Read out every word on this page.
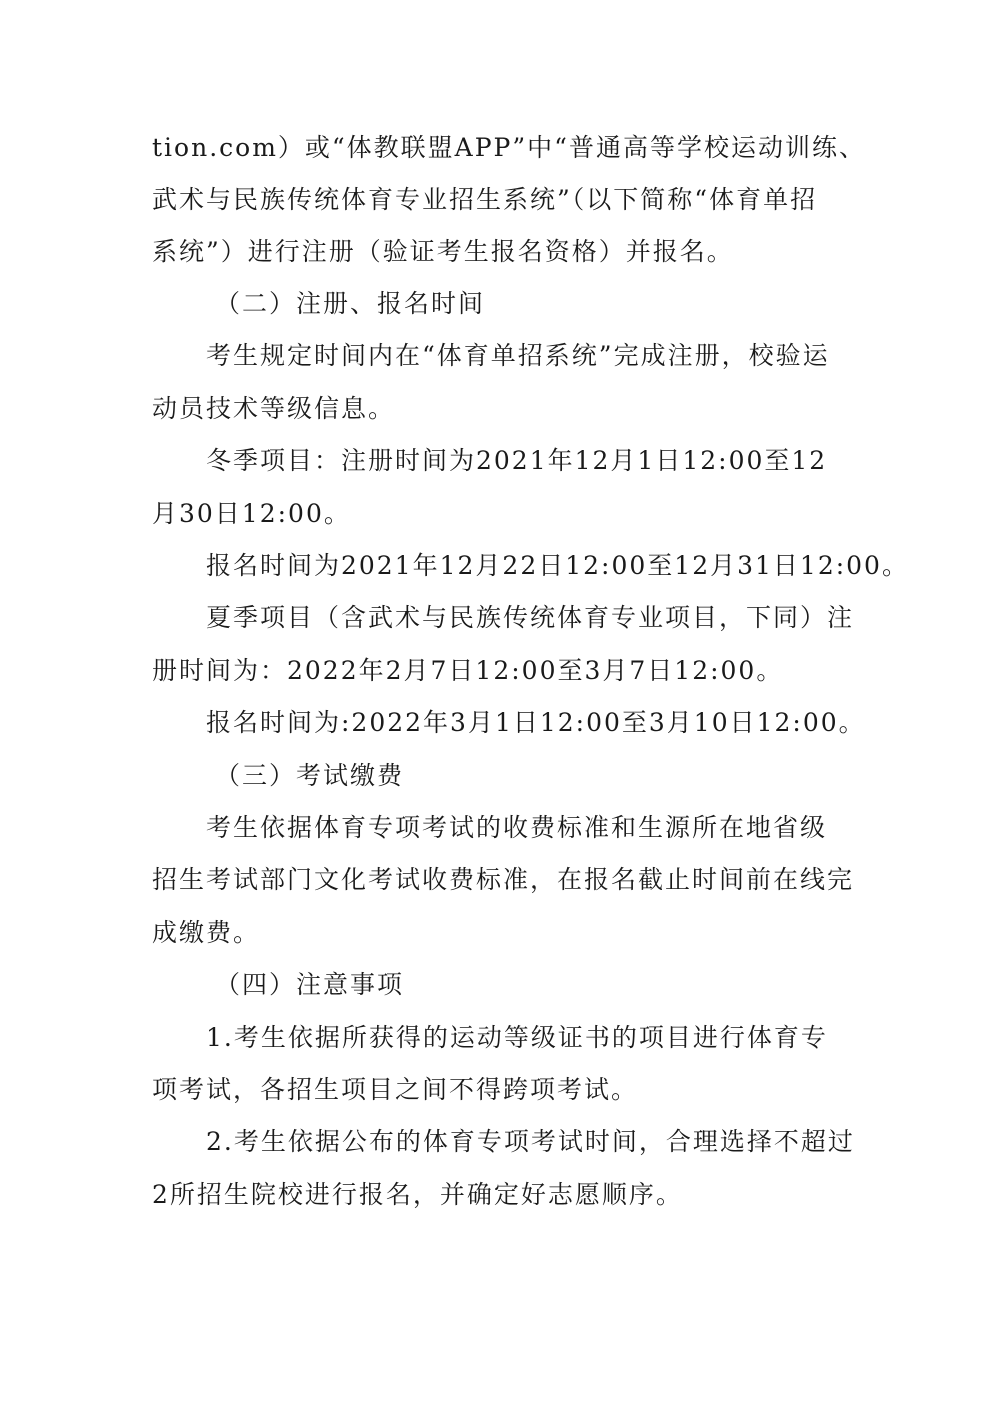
tion.com）或“体教联盟APP”中“普通高等学校运动训练、
武术与民族传统体育专业招生系统”（以下简称“体育单招
系统”）进行注册（验证考生报名资格）并报名。
（二）注册、报名时间
考生规定时间内在“体育单招系统”完成注册，校验运
动员技术等级信息。
冬季项目：注册时间为2021年12月1日12:00至12
月30日12:00。
报名时间为2021年12月22日12:00至12月31日12:00。
夏季项目（含武术与民族传统体育专业项目，下同）注
册时间为：2022年2月7日12:00至3月7日12:00。
报名时间为:2022年3月1日12:00至3月10日12:00。
（三）考试缴费
考生依据体育专项考试的收费标准和生源所在地省级
招生考试部门文化考试收费标准，在报名截止时间前在线完
成缴费。
（四）注意事项
1.考生依据所获得的运动等级证书的项目进行体育专
项考试，各招生项目之间不得跨项考试。
2.考生依据公布的体育专项考试时间，合理选择不超过
2所招生院校进行报名，并确定好志愿顺序。
